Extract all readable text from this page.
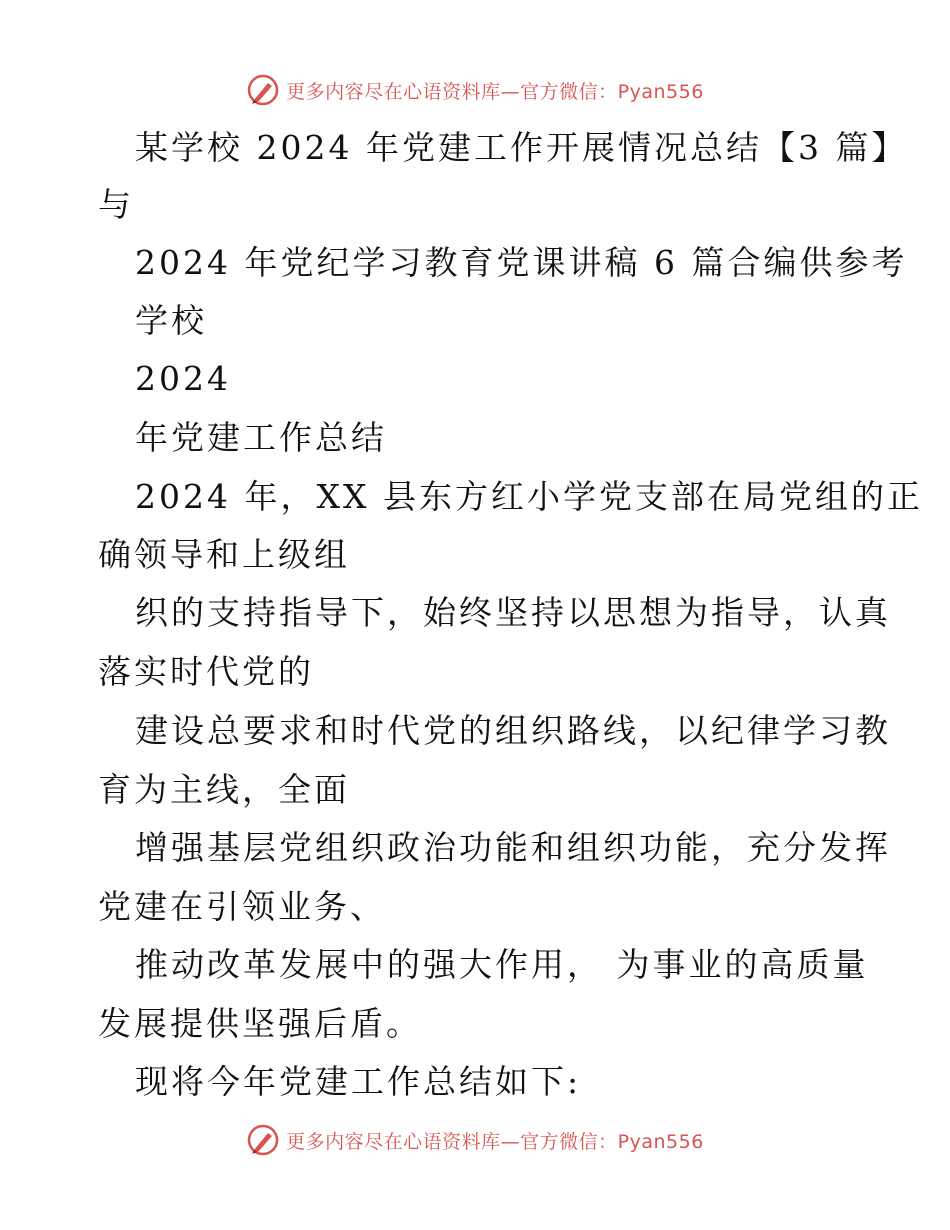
更多内容尽在心语资料库—官方微信：Pyan556
某学校 2024 年党建工作开展情况总结【3 篇】
与
2024 年党纪学习教育党课讲稿 6 篇合编供参考
学校
2024
年党建工作总结
2024 年，XX 县东方红小学党支部在局党组的正
确领导和上级组
织的支持指导下，始终坚持以思想为指导，认真
落实时代党的
建设总要求和时代党的组织路线，以纪律学习教
育为主线，全面
增强基层党组织政治功能和组织功能，充分发挥
党建在引领业务、
推动改革发展中的强大作用， 为事业的高质量
发展提供坚强后盾。
现将今年党建工作总结如下:
更多内容尽在心语资料库—官方微信：Pyan556
